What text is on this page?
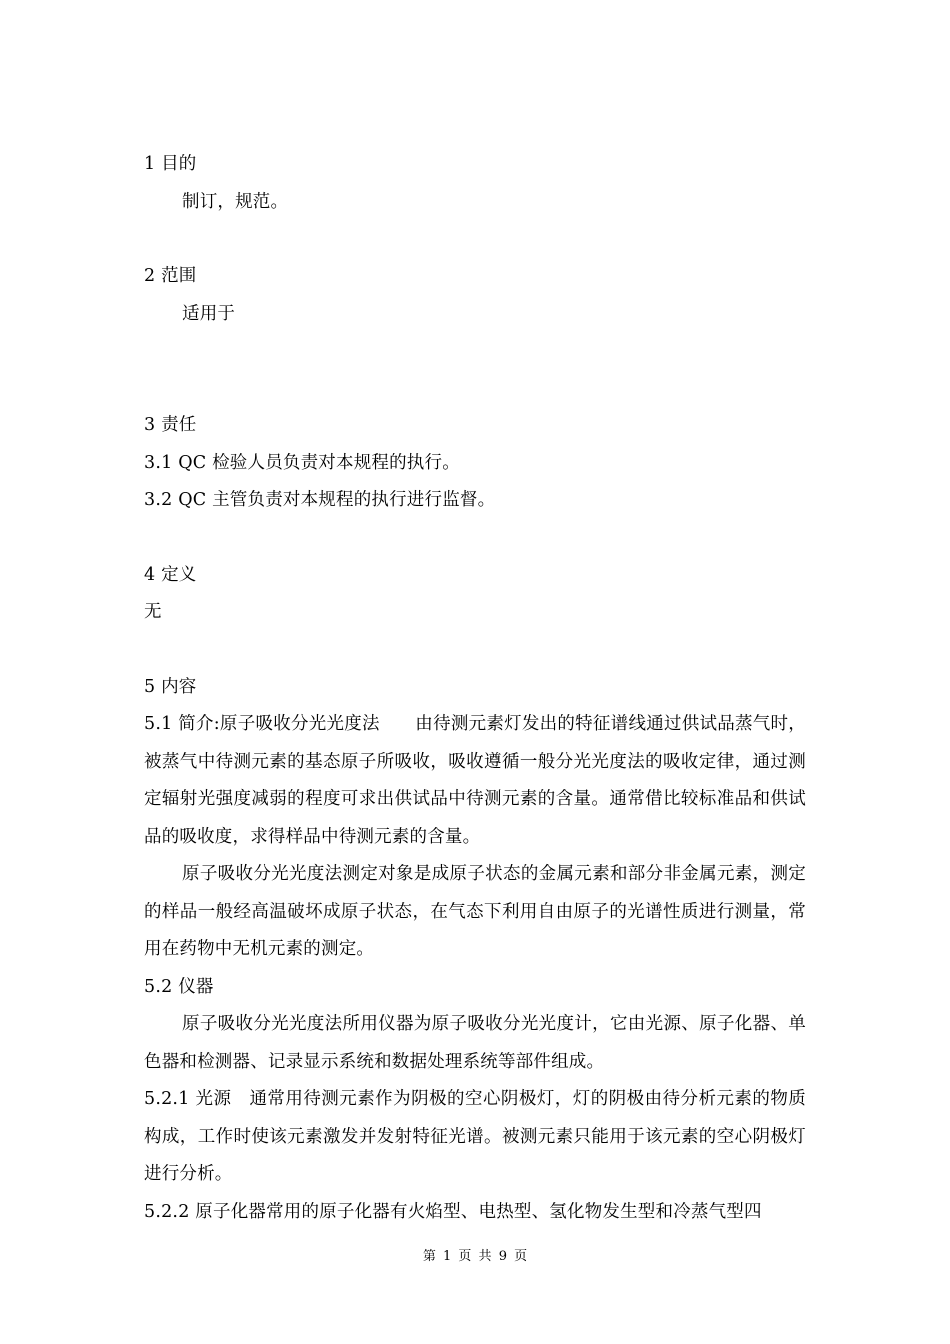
1 目的

制订，规范。

2 范围

适用于

3 责任

3.1 QC 检验人员负责对本规程的执行。

3.2 QC 主管负责对本规程的执行进行监督。

4 定义

无

5 内容

5.1 简介:原子吸收分光光度法　　由待测元素灯发出的特征谱线通过供试品蒸气时，被蒸气中待测元素的基态原子所吸收，吸收遵循一般分光光度法的吸收定律，通过测定辐射光强度减弱的程度可求出供试品中待测元素的含量。通常借比较标准品和供试品的吸收度，求得样品中待测元素的含量。

原子吸收分光光度法测定对象是成原子状态的金属元素和部分非金属元素，测定的样品一般经高温破坏成原子状态，在气态下利用自由原子的光谱性质进行测量，常用在药物中无机元素的测定。

5.2 仪器

原子吸收分光光度法所用仪器为原子吸收分光光度计，它由光源、原子化器、单色器和检测器、记录显示系统和数据处理系统等部件组成。

5.2.1 光源　通常用待测元素作为阴极的空心阴极灯，灯的阴极由待分析元素的物质构成，工作时使该元素激发并发射特征光谱。被测元素只能用于该元素的空心阴极灯进行分析。

5.2.2 原子化器常用的原子化器有火焰型、电热型、氢化物发生型和冷蒸气型四

第 1 页 共 9 页
